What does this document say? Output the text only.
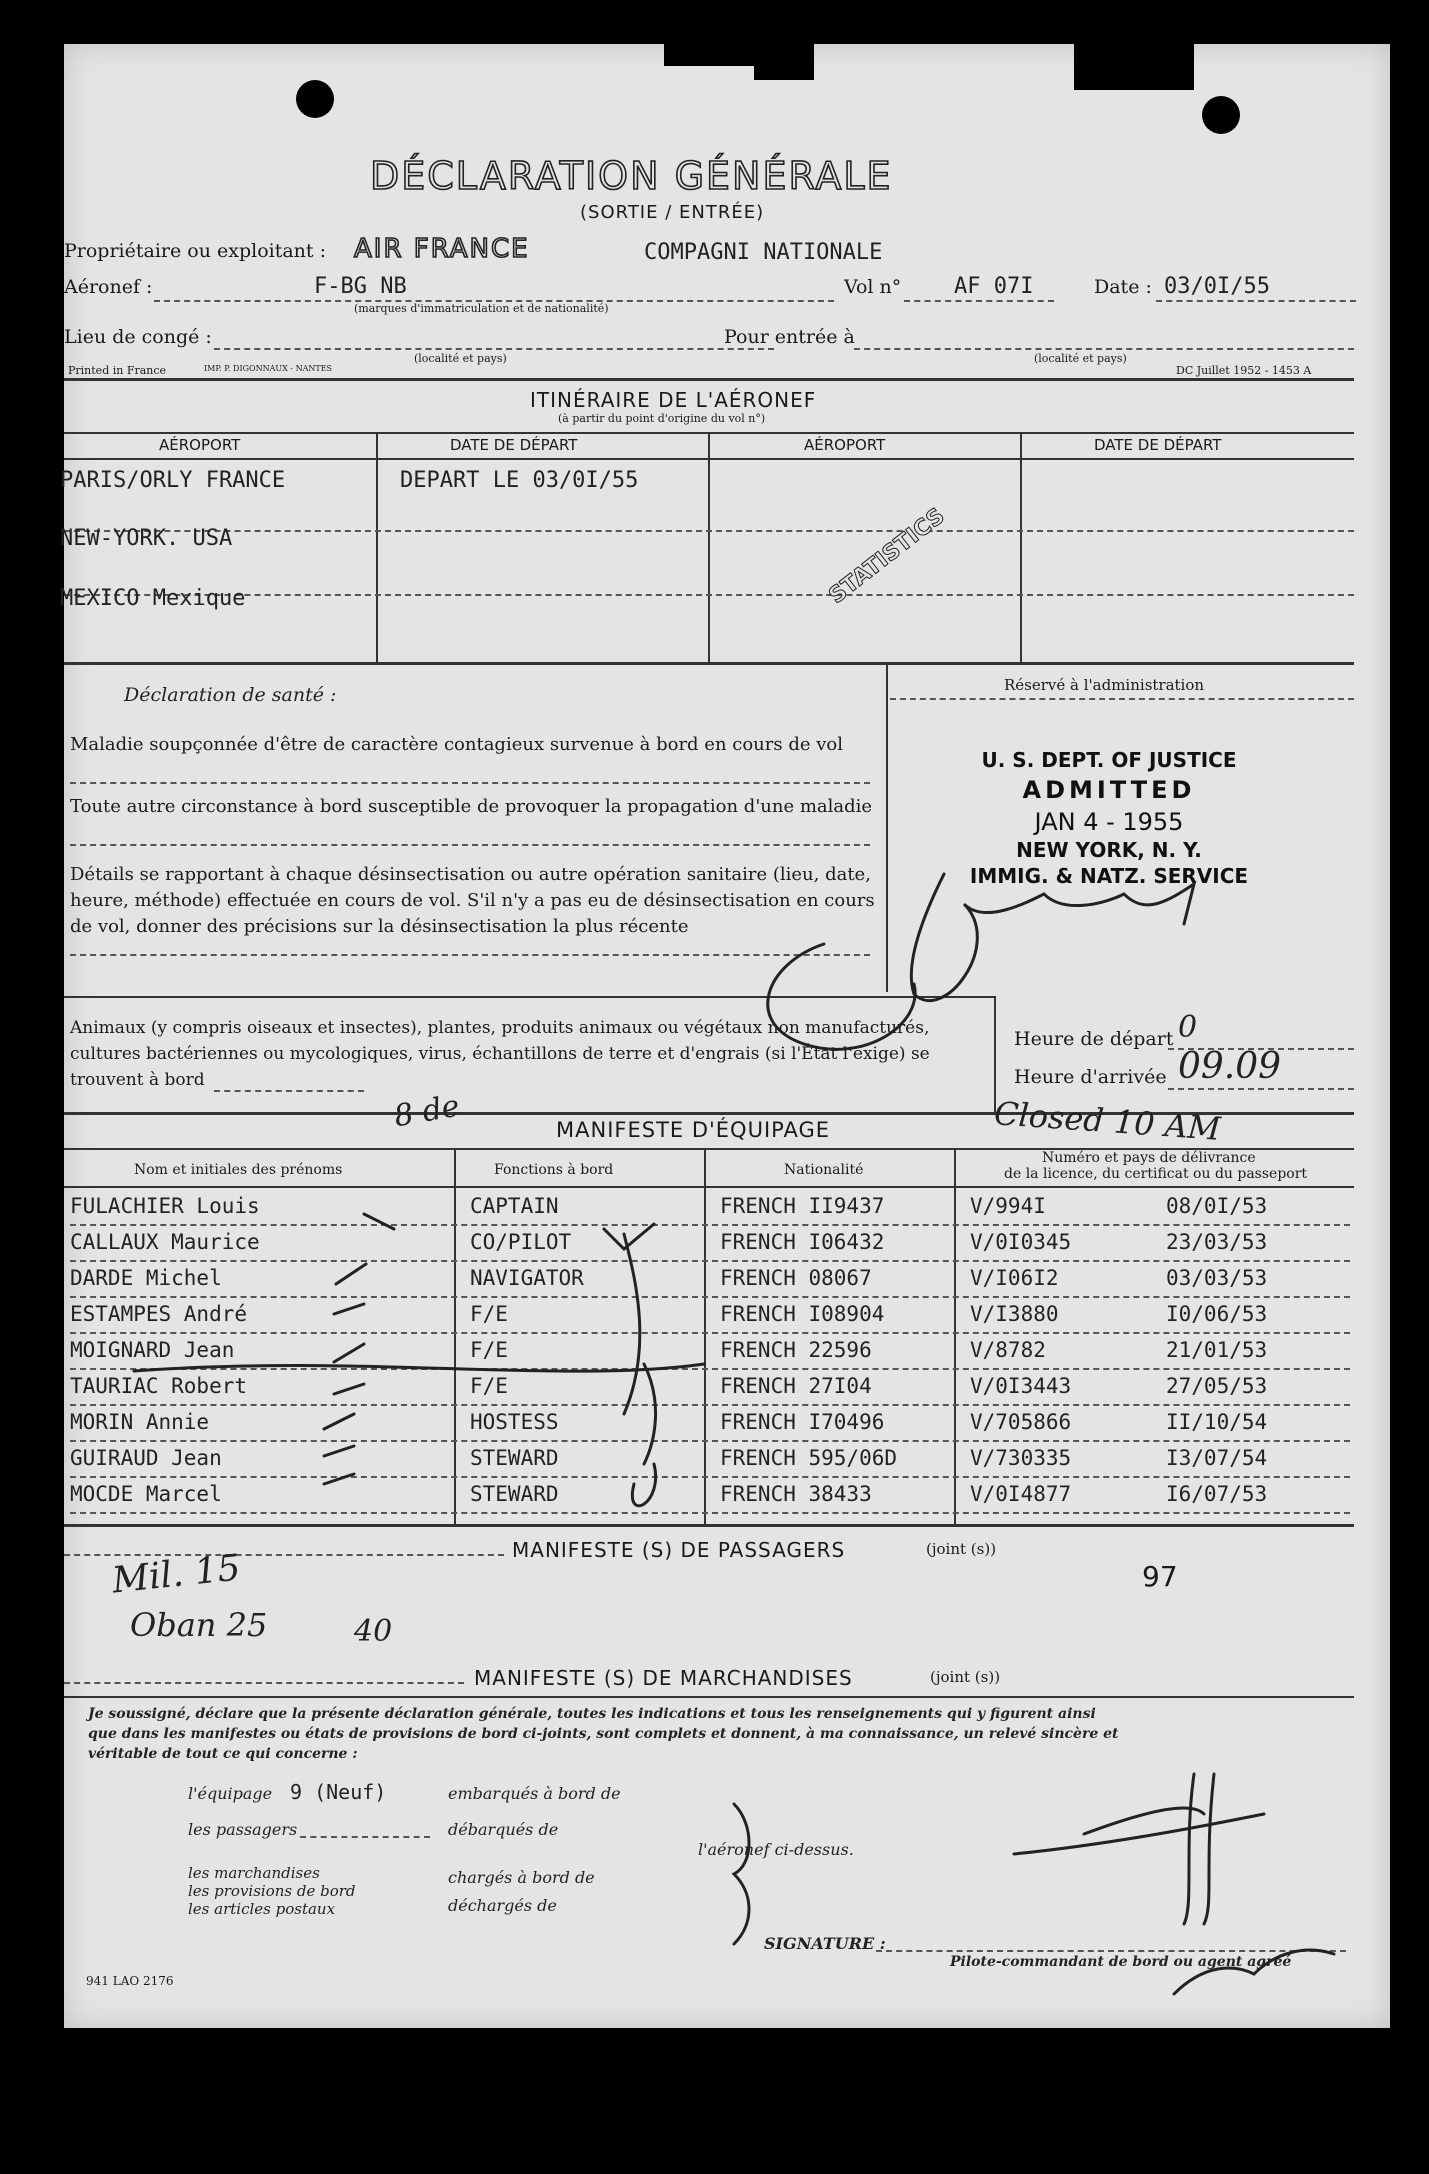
DÉCLARATION GÉNÉRALE
(SORTIE / ENTRÉE)
Propriétaire ou exploitant : AIR FRANCE	COMPAGNI NATIONALE
Aéronef :	F-BG NB
(marques d'immatriculation et de nationalité)
Vol n° AF 07I	Date : 03/0I/55
Lieu de congé :
(localité et pays)
Pour entrée à
(localité et pays)
Printed in France	IMP. P. DIGONNAUX - NANTES	DC Juillet 1952 - 1453 A
ITINÉRAIRE DE L'AÉRONEF
(à partir du point d'origine du vol n°)
AÉROPORT	DATE DE DÉPART	AÉROPORT	DATE DE DÉPART
PARIS/ORLY FRANCE	DEPART LE 03/0I/55
NEW-YORK. USA
MEXICO Mexique	STATISTICS
Déclaration de santé :
Maladie soupçonnée d'être de caractère contagieux survenue à bord en cours de vol
Toute autre circonstance à bord susceptible de provoquer la propagation d'une maladie
Détails se rapportant à chaque désinsectisation ou autre opération sanitaire (lieu, date,
heure, méthode) effectuée en cours de vol. S'il n'y a pas eu de désinsectisation en cours
de vol, donner des précisions sur la désinsectisation la plus récente
Réservé à l'administration
U. S. DEPT. OF JUSTICE
ADMITTED
JAN 4 - 1955
NEW YORK, N. Y.
IMMIG. & NATZ. SERVICE
Animaux (y compris oiseaux et insectes), plantes, produits animaux ou végétaux non manufacturés,
cultures bactériennes ou mycologiques, virus, échantillons de terre et d'engrais (si l'État l'exige) se
trouvent à bord
Heure de départ 0
Heure d'arrivée 09.09
8 de	MANIFESTE D'ÉQUIPAGE	Closed 10 AM
Nom et initiales des prénoms	Fonctions à bord	Nationalité
Numéro et pays de délivrance
de la licence, du certificat ou du passeport
FULACHIER Louis	CAPTAIN	FRENCH II9437	V/994I	08/0I/53
CALLAUX Maurice	CO/PILOT	FRENCH I06432	V/0I0345	23/03/53
DARDE Michel	NAVIGATOR	FRENCH 08067	V/I06I2	03/03/53
ESTAMPES André	F/E	FRENCH I08904	V/I3880	I0/06/53
MOIGNARD Jean	F/E	FRENCH 22596	V/8782	21/01/53
TAURIAC Robert	F/E	FRENCH 27I04	V/0I3443	27/05/53
MORIN Annie	HOSTESS	FRENCH I70496	V/705866	II/10/54
GUIRAUD Jean	STEWARD	FRENCH 595/06D	V/730335	I3/07/54
MOCDE Marcel	STEWARD	FRENCH 38433	V/0I4877	I6/07/53
MANIFESTE (S) DE PASSAGERS	(joint (s))
97
Mil. 15
Oban 25	40
MANIFESTE (S) DE MARCHANDISES	(joint (s))
Je soussigné, déclare que la présente déclaration générale, toutes les indications et tous les renseignements qui y figurent ainsi
que dans les manifestes ou états de provisions de bord ci-joints, sont complets et donnent, à ma connaissance, un relevé sincère et
véritable de tout ce qui concerne :
l'équipage 9 (Neuf)	embarqués à bord de
les passagers	débarqués de
l'aéronef ci-dessus.
les marchandises
les provisions de bord
les articles postaux
chargés à bord de
déchargés de
SIGNATURE :
Pilote-commandant de bord ou agent agréé
941 LAO 2176
